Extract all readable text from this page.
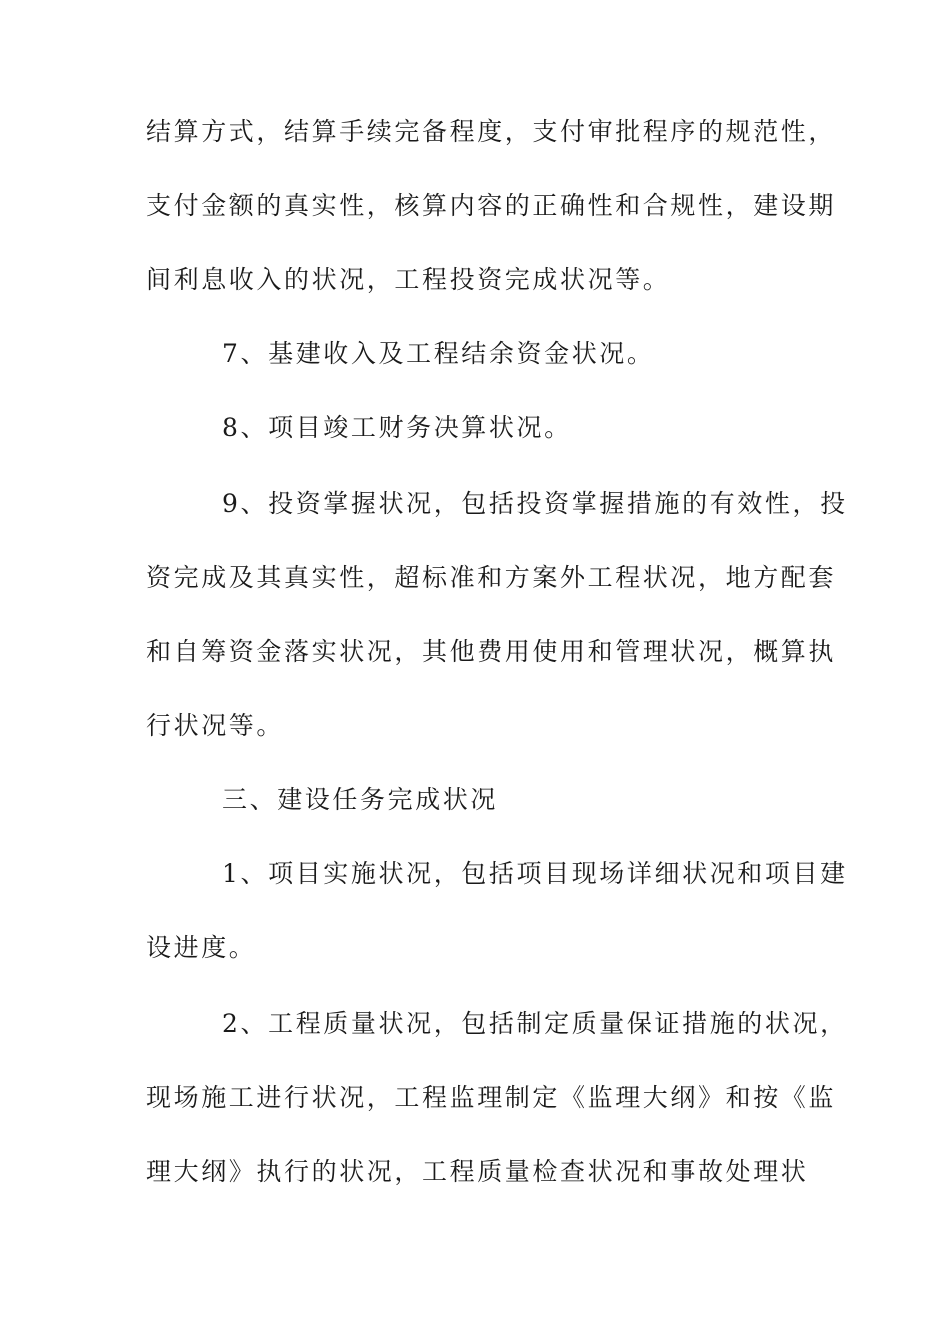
结算方式，结算手续完备程度，支付审批程序的规范性，
支付金额的真实性，核算内容的正确性和合规性，建设期
间利息收入的状况，工程投资完成状况等。
7、基建收入及工程结余资金状况。
8、项目竣工财务决算状况。
9、投资掌握状况，包括投资掌握措施的有效性，投
资完成及其真实性，超标准和方案外工程状况，地方配套
和自筹资金落实状况，其他费用使用和管理状况，概算执
行状况等。
三、建设任务完成状况
1、项目实施状况，包括项目现场详细状况和项目建
设进度。
2、工程质量状况，包括制定质量保证措施的状况，
现场施工进行状况，工程监理制定《监理大纲》和按《监
理大纲》执行的状况，工程质量检查状况和事故处理状
